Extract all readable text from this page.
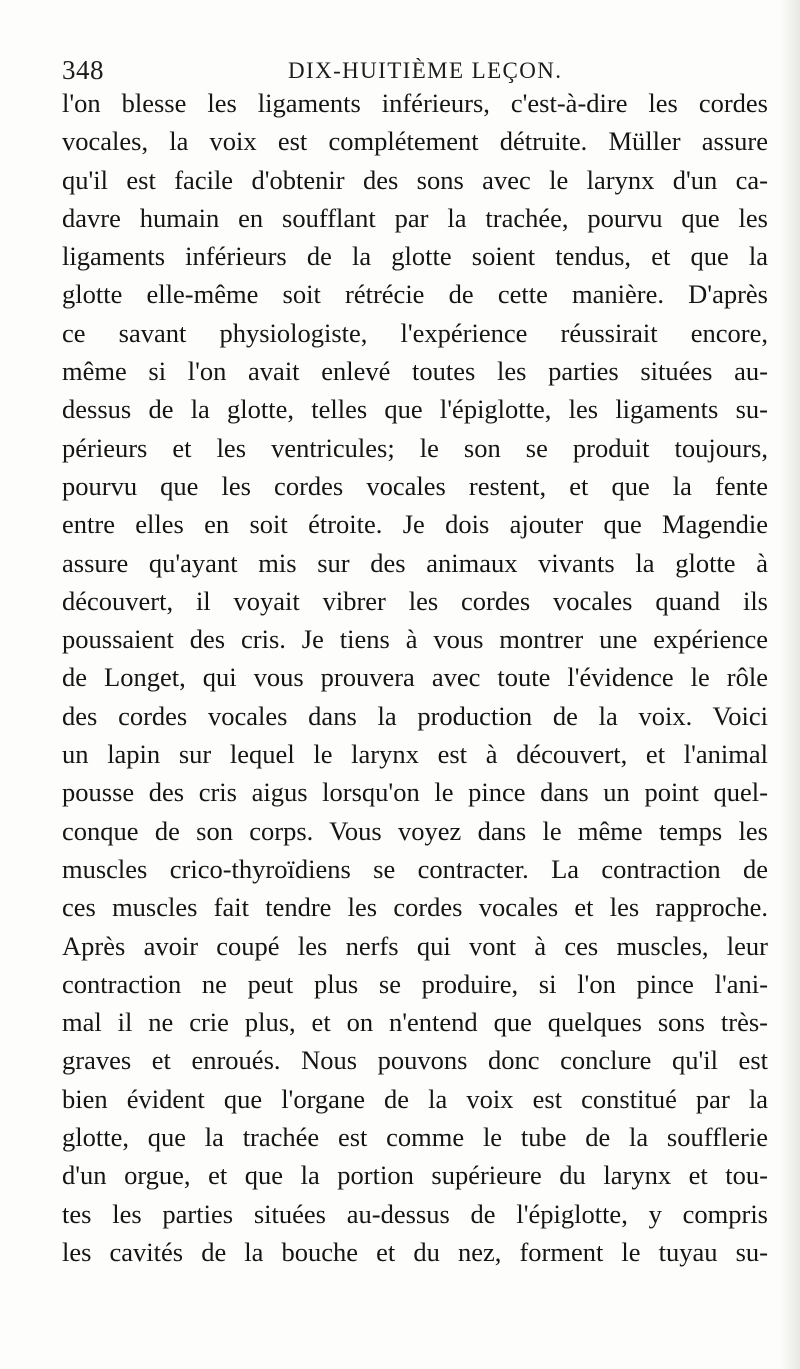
348	DIX-HUITIÈME LEÇON.
l'on blesse les ligaments inférieurs, c'est-à-dire les cordes
vocales, la voix est complétement détruite. Müller assure
qu'il est facile d'obtenir des sons avec le larynx d'un ca-
davre humain en soufflant par la trachée, pourvu que les
ligaments inférieurs de la glotte soient tendus, et que la
glotte elle-même soit rétrécie de cette manière. D'après
ce savant physiologiste, l'expérience réussirait encore,
même si l'on avait enlevé toutes les parties situées au-
dessus de la glotte, telles que l'épiglotte, les ligaments su-
périeurs et les ventricules; le son se produit toujours,
pourvu que les cordes vocales restent, et que la fente
entre elles en soit étroite. Je dois ajouter que Magendie
assure qu'ayant mis sur des animaux vivants la glotte à
découvert, il voyait vibrer les cordes vocales quand ils
poussaient des cris. Je tiens à vous montrer une expérience
de Longet, qui vous prouvera avec toute l'évidence le rôle
des cordes vocales dans la production de la voix. Voici
un lapin sur lequel le larynx est à découvert, et l'animal
pousse des cris aigus lorsqu'on le pince dans un point quel-
conque de son corps. Vous voyez dans le même temps les
muscles crico-thyroïdiens se contracter. La contraction de
ces muscles fait tendre les cordes vocales et les rapproche.
Après avoir coupé les nerfs qui vont à ces muscles, leur
contraction ne peut plus se produire, si l'on pince l'ani-
mal il ne crie plus, et on n'entend que quelques sons très-
graves et enroués. Nous pouvons donc conclure qu'il est
bien évident que l'organe de la voix est constitué par la
glotte, que la trachée est comme le tube de la soufflerie
d'un orgue, et que la portion supérieure du larynx et tou-
tes les parties situées au-dessus de l'épiglotte, y compris
les cavités de la bouche et du nez, forment le tuyau su-
